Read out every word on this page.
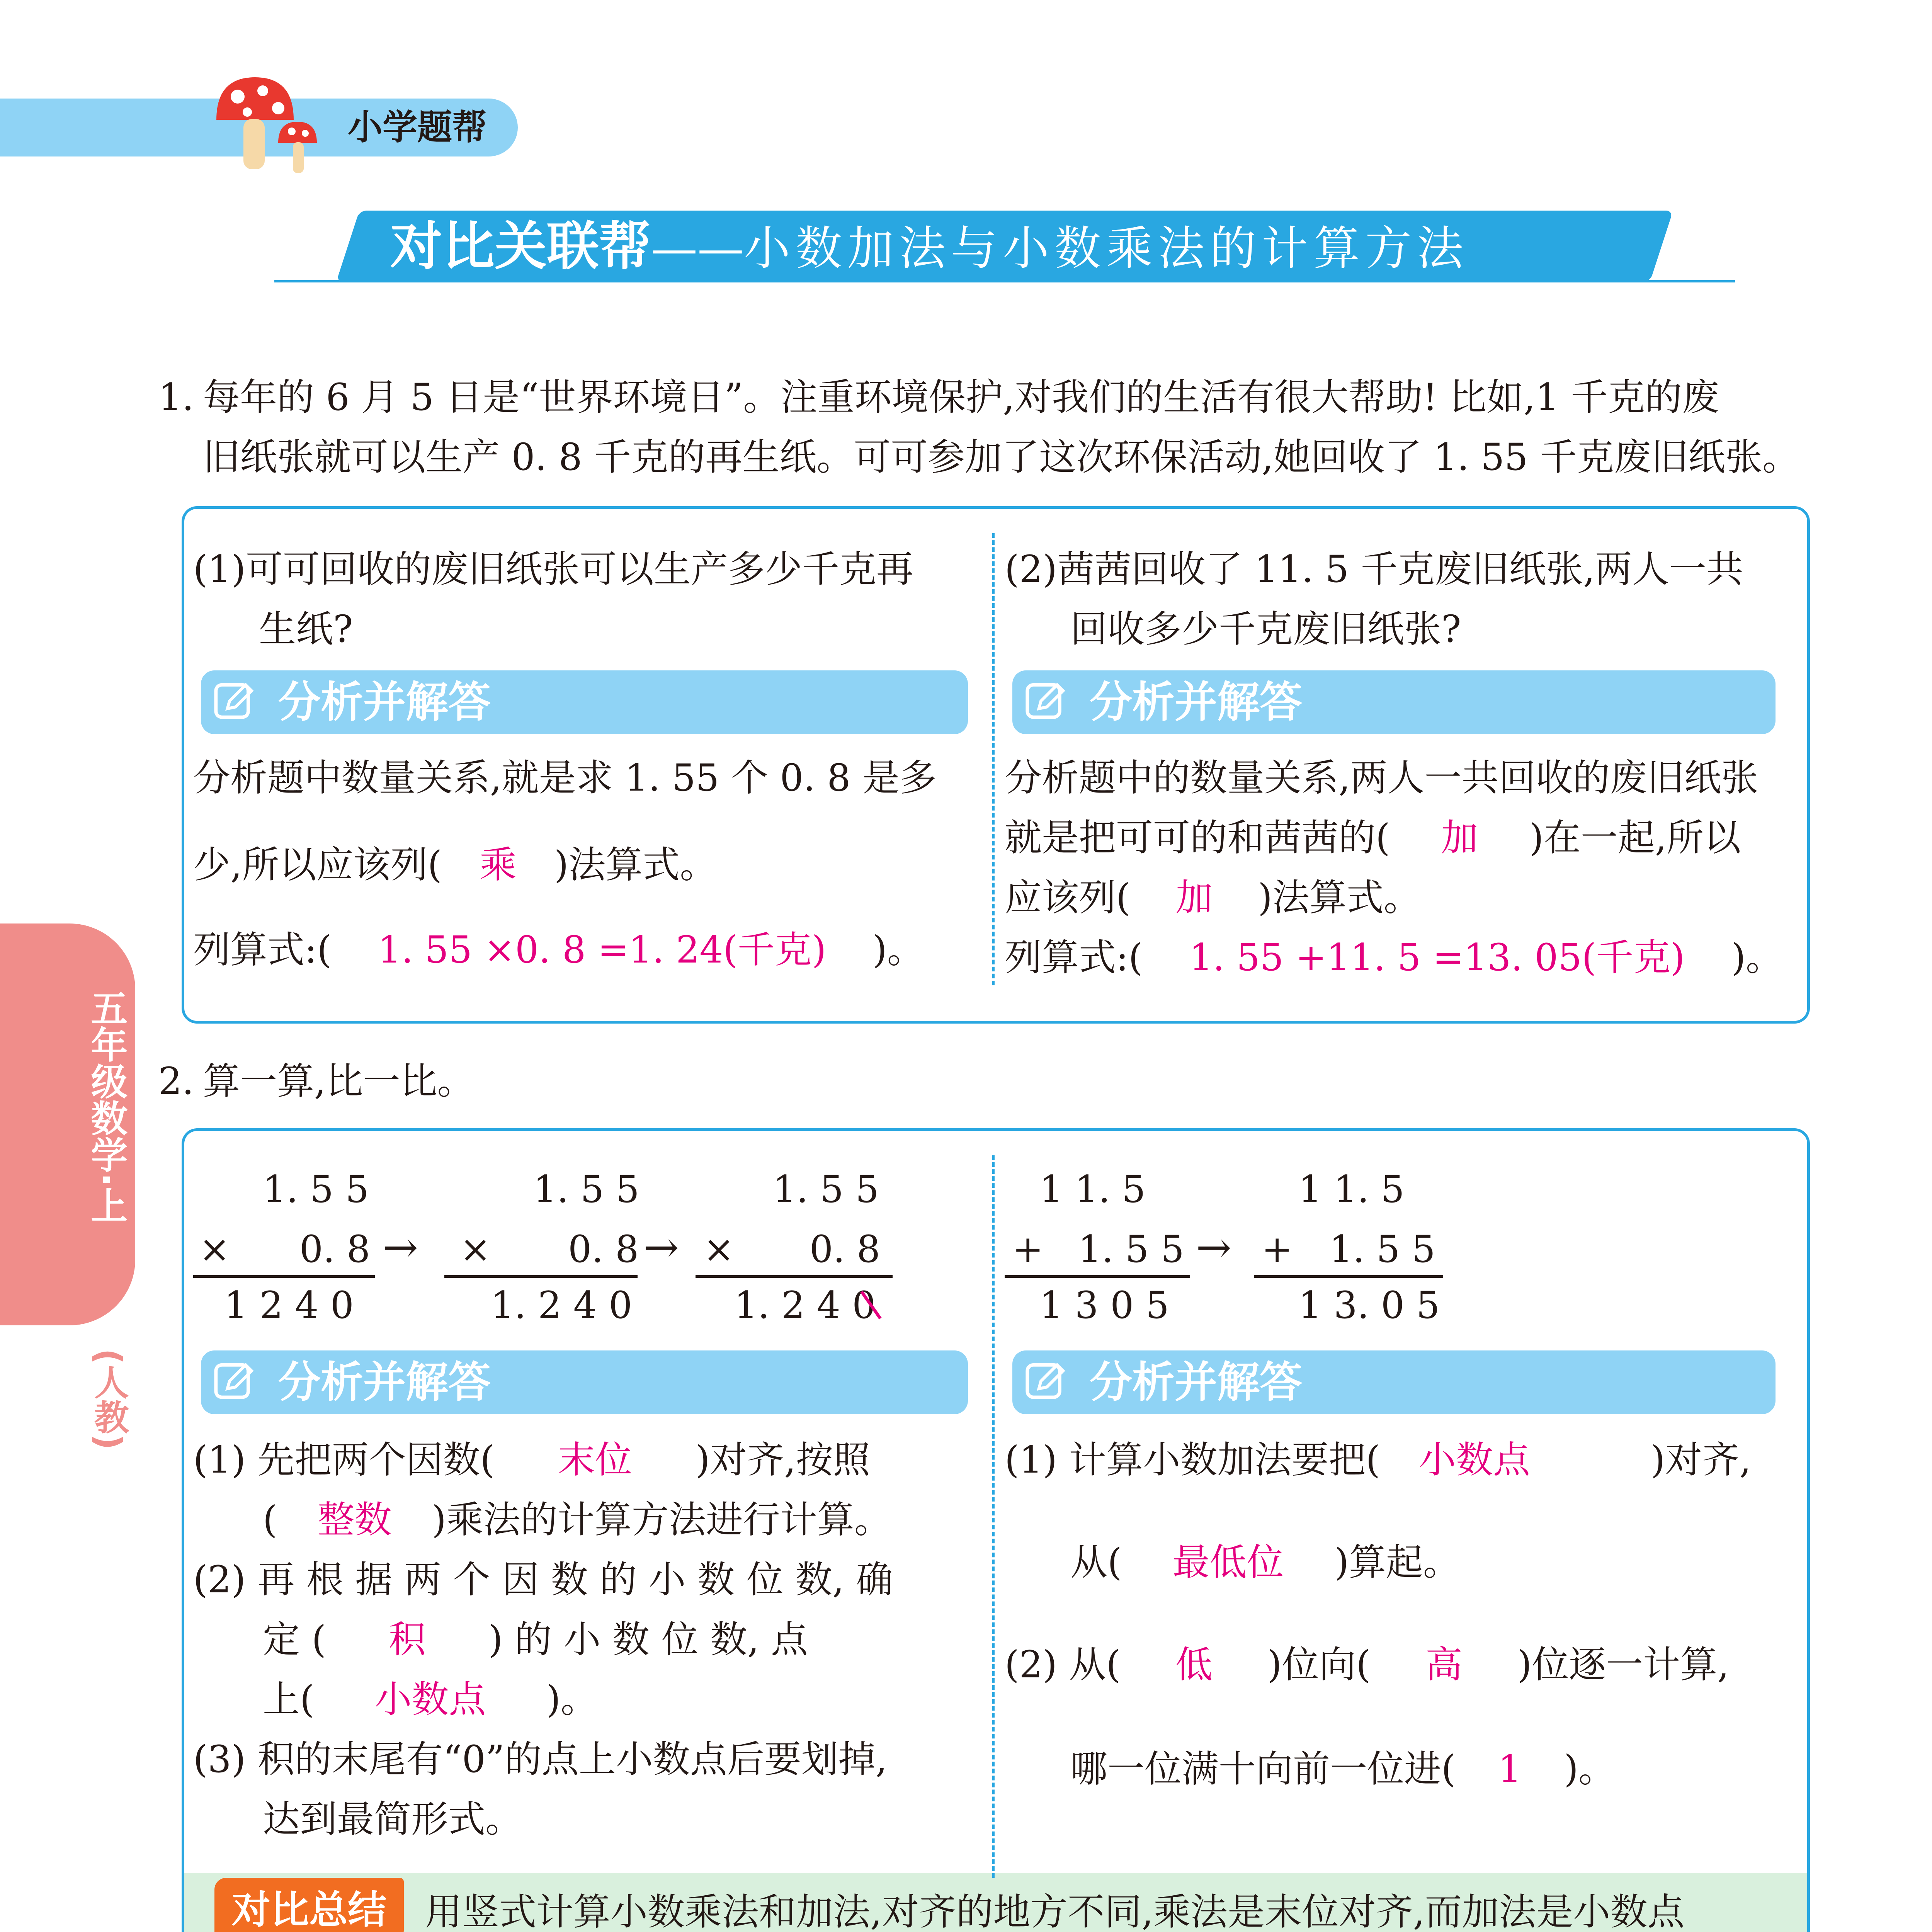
小学题帮
对比关联帮——小数加法与小数乘法的计算方法
五年级数学·上
(人教)
1. 每年的 6 月 5 日是“世界环境日”。注重环境保护,对我们的生活有很大帮助! 比如,1 千克的废
旧纸张就可以生产 0. 8 千克的再生纸。可可参加了这次环保活动,她回收了 1. 55 千克废旧纸张。
(1)可可回收的废旧纸张可以生产多少千克再
生纸?
分析并解答
分析题中数量关系,就是求 1. 55 个 0. 8 是多
少,所以应该列( 乘 )法算式。
列算式:( 1. 55 ×0. 8 =1. 24(千克) )。
(2)茜茜回收了 11. 5 千克废旧纸张,两人一共
回收多少千克废旧纸张?
分析并解答
分析题中的数量关系,两人一共回收的废旧纸张
就是把可可的和茜茜的( 加 )在一起,所以
应该列( 加 )法算式。
列算式:( 1. 55 +11. 5 =13. 05(千克) )。
2. 算一算,比一比。
1. 5 5
× 0. 8
1 2 4 0
→
1. 5 5
× 0. 8
1. 2 4 0
→
1. 5 5
× 0. 8
1. 2 4 0
1 1. 5
+ 1. 5 5
1 3 0 5
→
1 1. 5
+ 1. 5 5
1 3. 0 5
分析并解答	分析并解答
(1) 先把两个因数( 末位 )对齐,按照
( 整数 )乘法的计算方法进行计算。
(2) 再 根 据 两 个 因 数 的 小 数 位 数, 确
定 ( 积 ) 的 小 数 位 数, 点
上( 小数点 )。
(3) 积的末尾有“0”的点上小数点后要划掉,
达到最简形式。
(1) 计算小数加法要把( 小数点	)对齐,
从( 最低位 )算起。
(2) 从( 低 )位向( 高 )位逐一计算,
哪一位满十向前一位进( 1 )。
对比总结	用竖式计算小数乘法和加法,对齐的地方不同,乘法是末位对齐,而加法是小数点
